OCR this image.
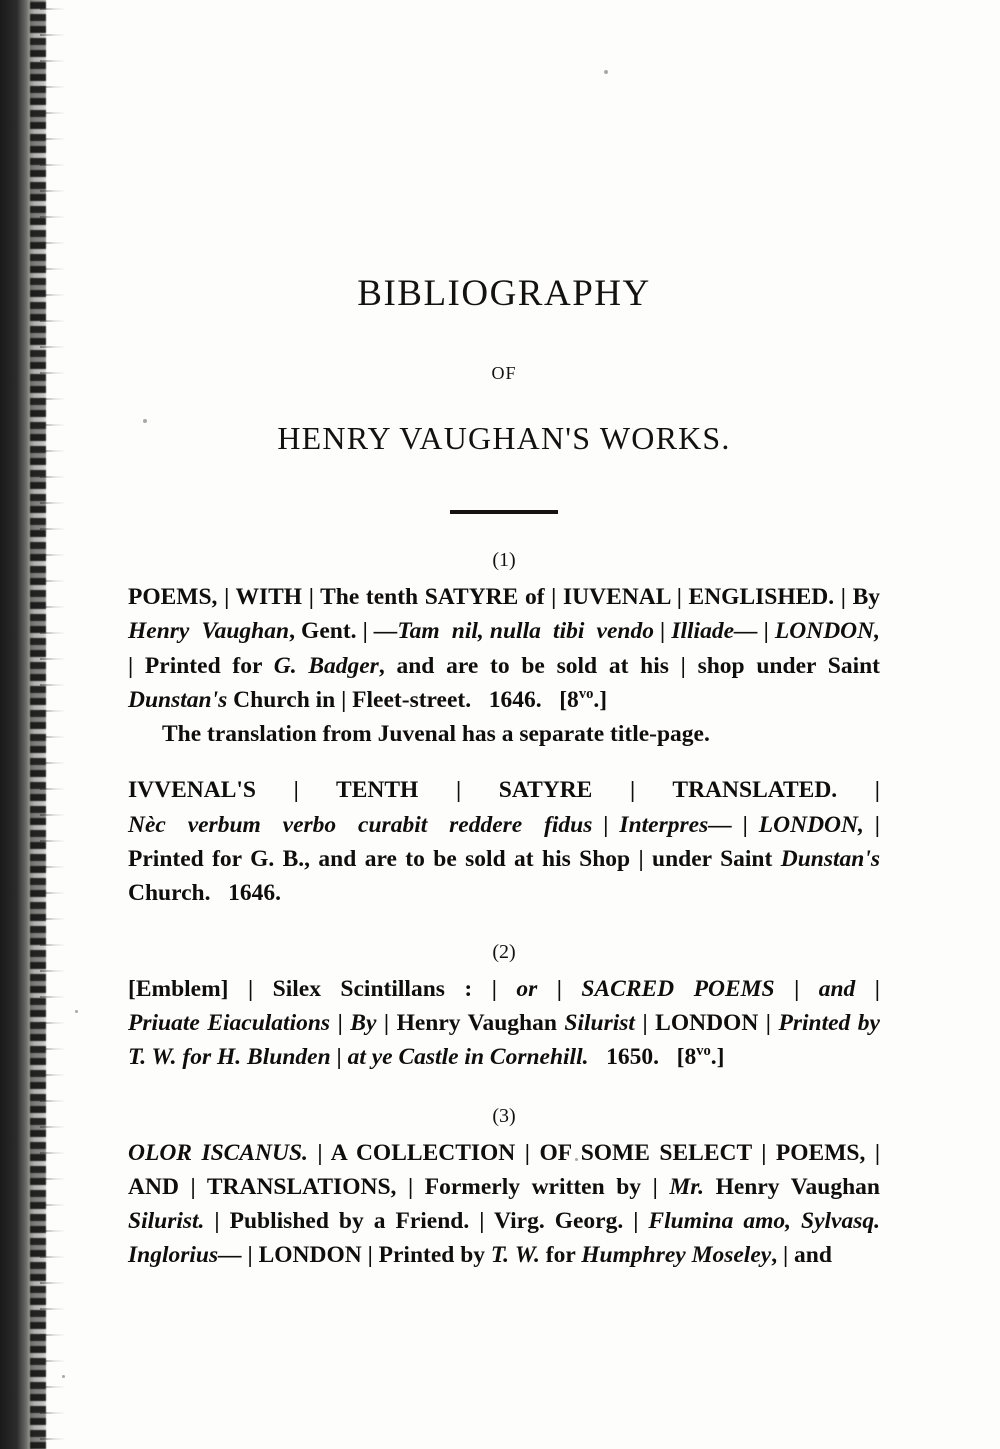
BIBLIOGRAPHY
OF
HENRY VAUGHAN'S WORKS.
(1)

POEMS, | WITH | The tenth SATYRE of | IUVENAL | ENGLISHED. | By Henry  Vaughan, Gent. | —Tam  nil, nulla  tibi  vendo | Illiade— | LONDON, | Printed for G. Badger, and are to be sold at his | shop under Saint Dunstan's Church in | Fleet-street.   1646.   $[8^{vo}.]$

The translation from Juvenal has a separate title-page.

IVVENAL'S | TENTH | SATYRE | TRANSLATED. | Nèc  verbum  verbo  curabit  reddere  fidus | Interpres— | LONDON, | Printed for G. B., and are to be sold at his Shop | under Saint Dunstan's Church.   1646.

(2)

[Emblem] | Silex Scintillans : | or | SACRED POEMS | and | Priuate Eiaculations | By | Henry Vaughan Silurist | LONDON | Printed by T. W. for H. Blunden | at ye Castle in Cornehill.   1650.   $[8^{vo}.]$

(3)

OLOR ISCANUS. | A COLLECTION | OF SOME SELECT | POEMS, | AND | TRANSLATIONS, | Formerly written by | Mr. Henry Vaughan Silurist. | Published by a Friend. | Virg. Georg. | Flumina amo, Sylvasq. Inglorius— | LONDON | Printed by T. W. for Humphrey Moseley, | and
